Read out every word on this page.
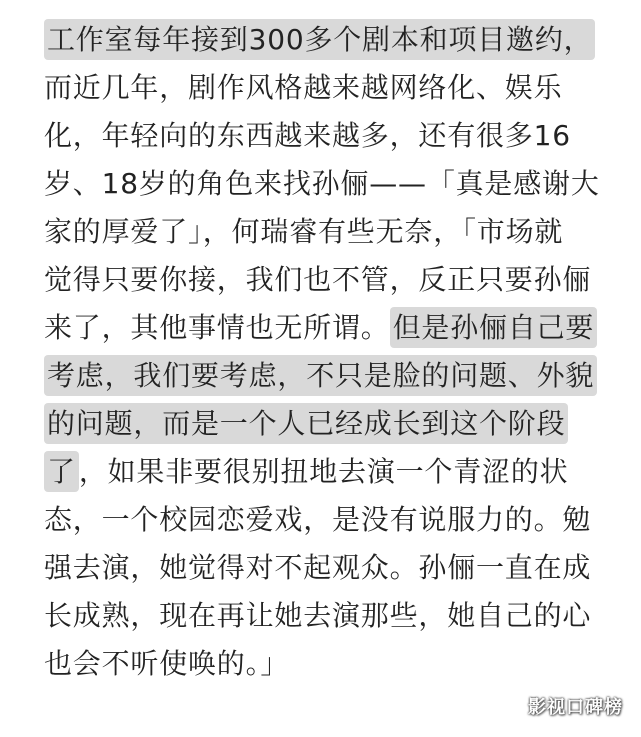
工作室每年接到300多个剧本和项目邀约，
而近几年，剧作风格越来越网络化、娱乐
化，年轻向的东西越来越多，还有很多16
岁、18岁的角色来找孙俪——「真是感谢大
家的厚爱了」，何瑞睿有些无奈，「市场就
觉得只要你接，我们也不管，反正只要孙俪
来了，其他事情也无所谓。 但是孙俪自己要
考虑，我们要考虑，不只是脸的问题、外貌
的问题，而是一个人已经成长到这个阶段
了 ，如果非要很别扭地去演一个青涩的状
态，一个校园恋爱戏，是没有说服力的。勉
强去演，她觉得对不起观众。孙俪一直在成
长成熟，现在再让她去演那些，她自己的心
也会不听使唤的。」
影视口碑榜
